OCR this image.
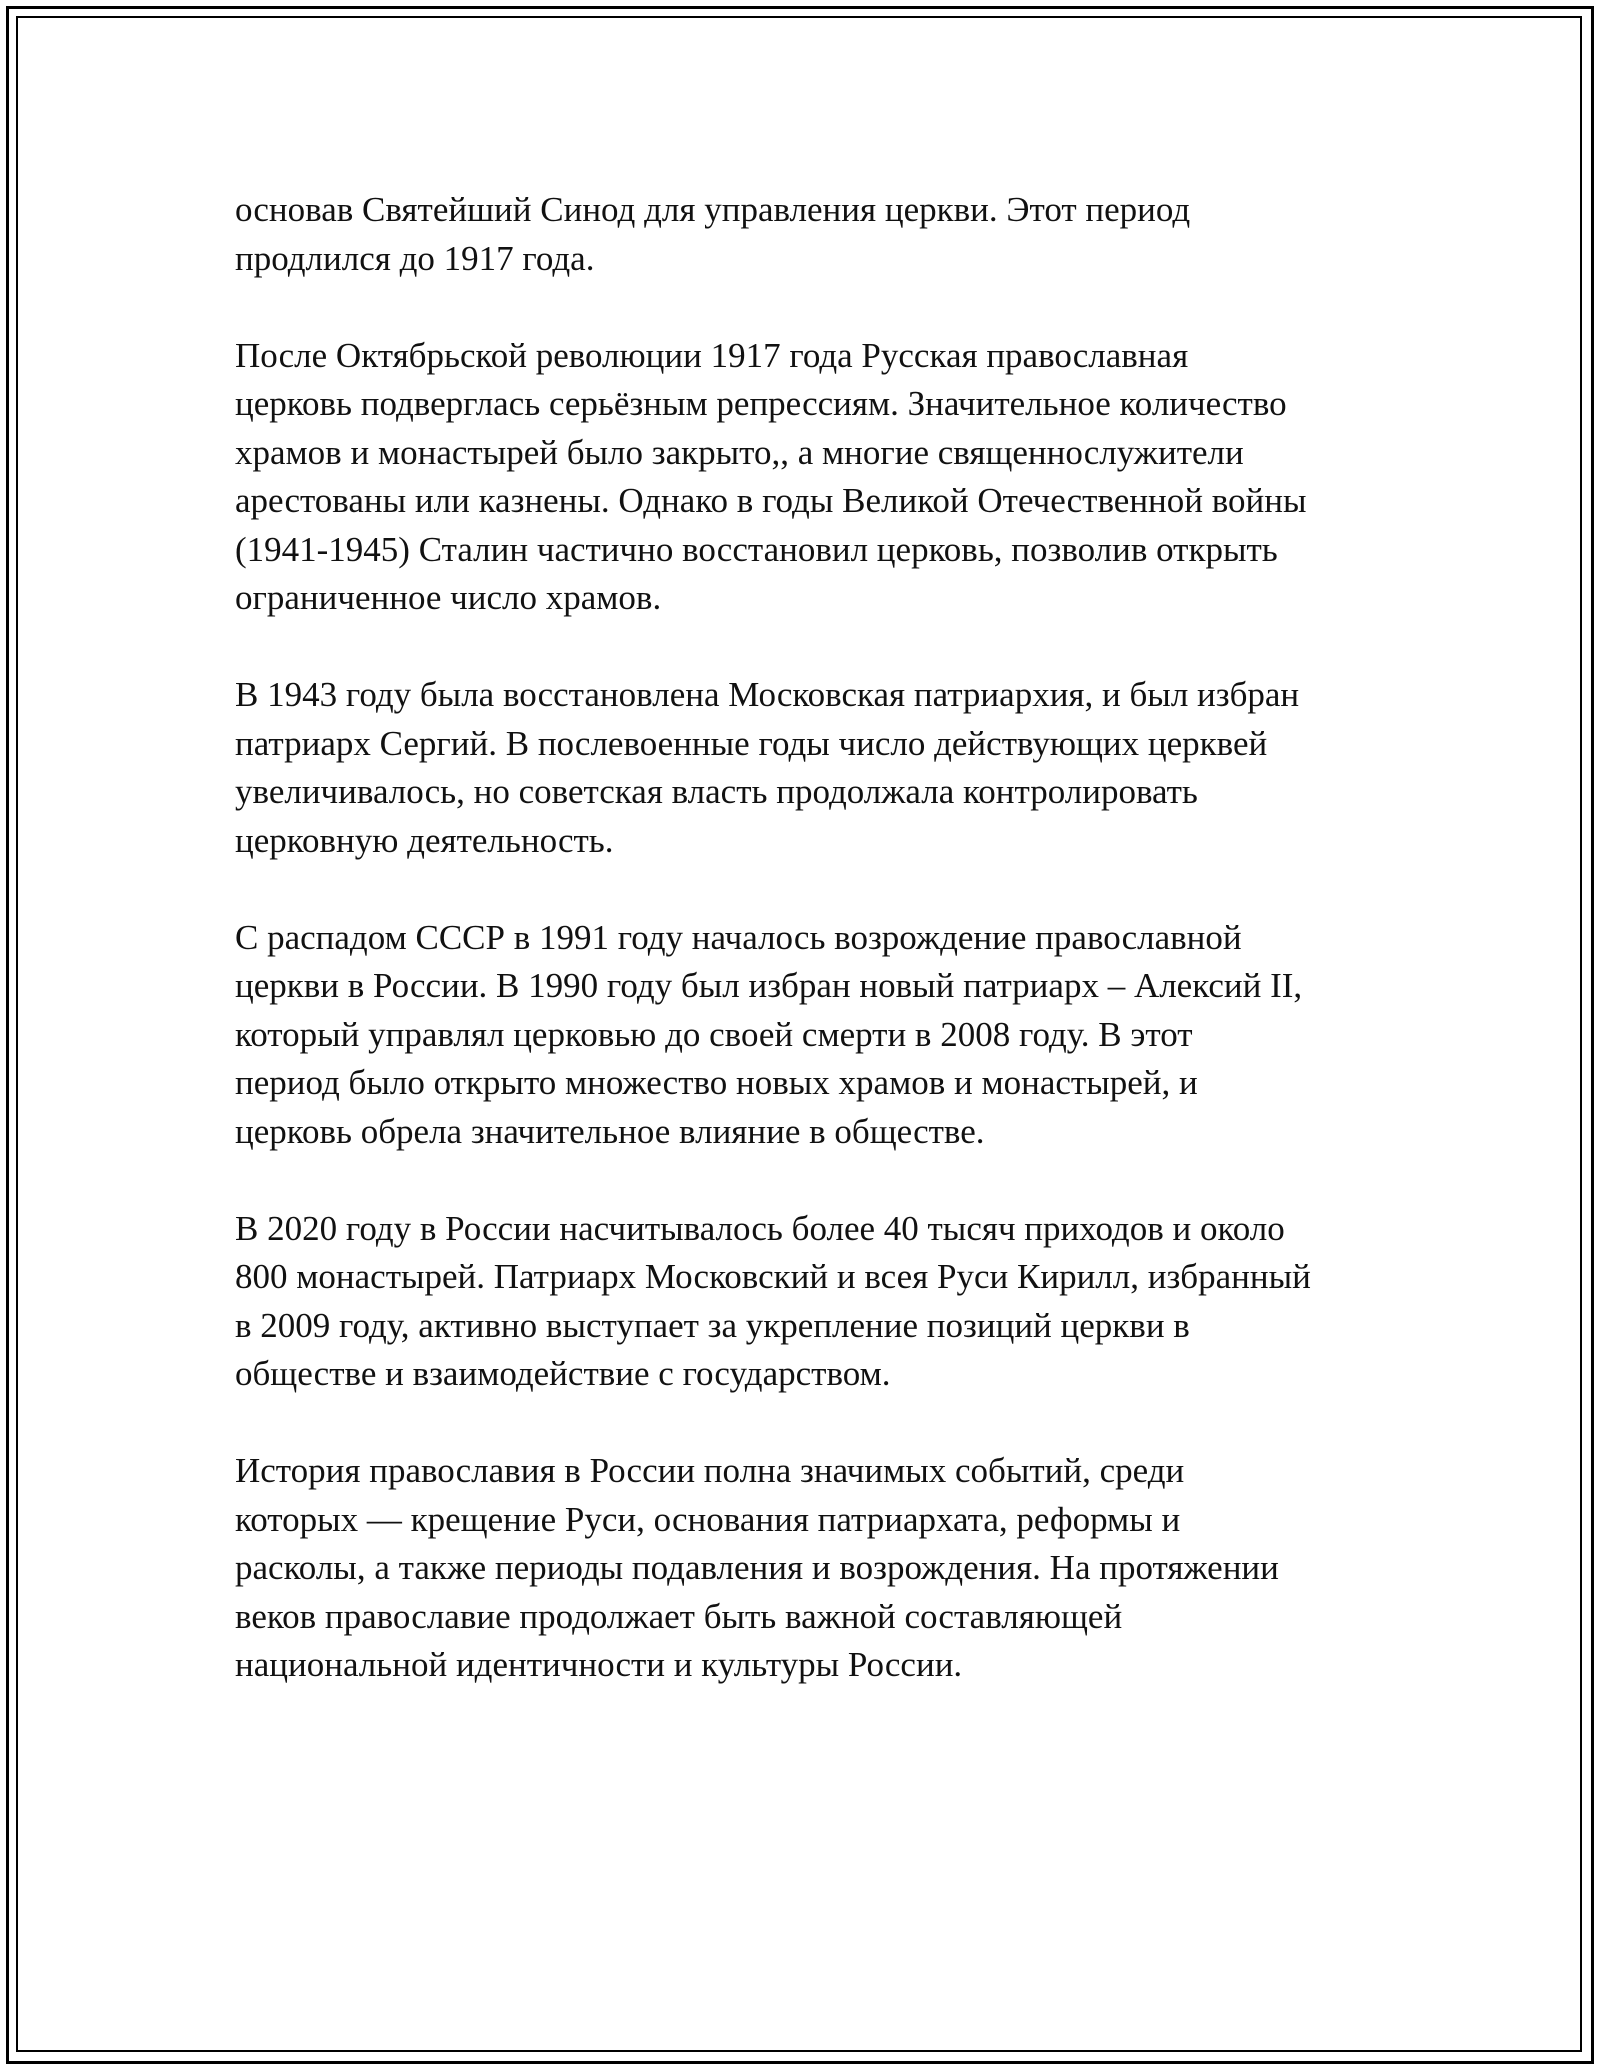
основав Святейший Синод для управления церкви. Этот период
продлился до 1917 года.

После Октябрьской революции 1917 года Русская православная
церковь подверглась серьёзным репрессиям. Значительное количество
храмов и монастырей было закрыто,, а многие священнослужители
арестованы или казнены. Однако в годы Великой Отечественной войны
(1941-1945) Сталин частично восстановил церковь, позволив открыть
ограниченное число храмов.

В 1943 году была восстановлена Московская патриархия, и был избран
патриарх Сергий. В послевоенные годы число действующих церквей
увеличивалось, но советская власть продолжала контролировать
церковную деятельность.

С распадом СССР в 1991 году началось возрождение православной
церкви в России. В 1990 году был избран новый патриарх – Алексий II,
который управлял церковью до своей смерти в 2008 году. В этот
период было открыто множество новых храмов и монастырей, и
церковь обрела значительное влияние в обществе.

В 2020 году в России насчитывалось более 40 тысяч приходов и около
800 монастырей. Патриарх Московский и всея Руси Кирилл, избранный
в 2009 году, активно выступает за укрепление позиций церкви в
обществе и взаимодействие с государством.

История православия в России полна значимых событий, среди
которых — крещение Руси, основания патриархата, реформы и
расколы, а также периоды подавления и возрождения. На протяжении
веков православие продолжает быть важной составляющей
национальной идентичности и культуры России.
